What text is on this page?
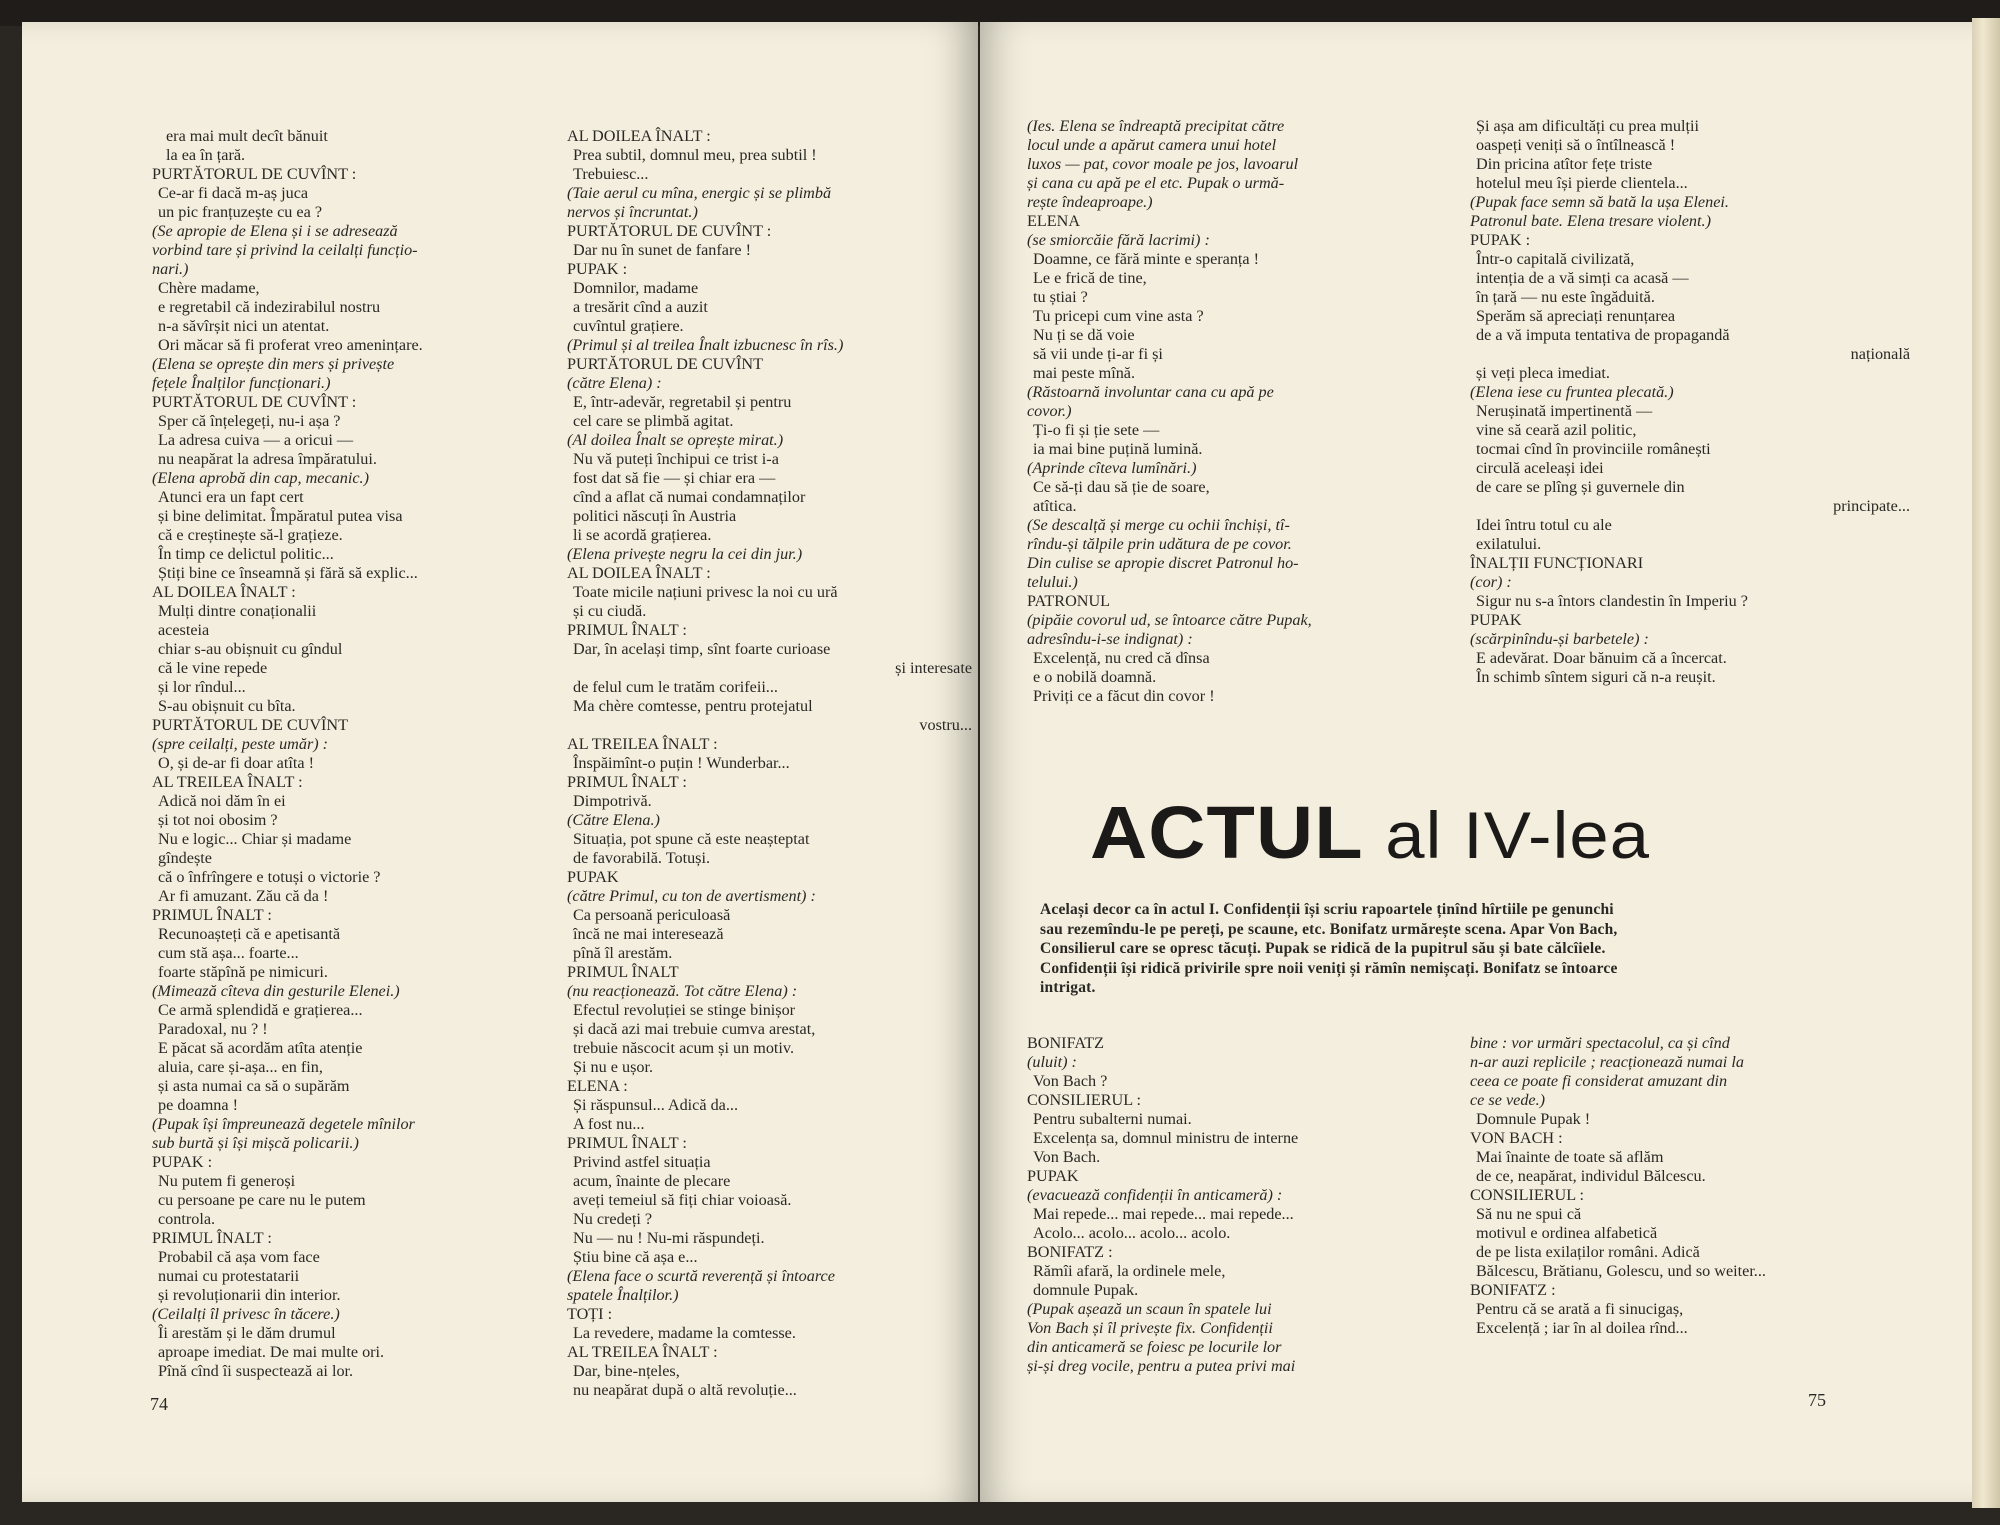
era mai mult decît bănuit
la ea în țară.
PURTĂTORUL DE CUVÎNT :
Ce-ar fi dacă m-aș juca
un pic franțuzește cu ea ?
(Se apropie de Elena și i se adresează
vorbind tare și privind la ceilalți funcțio-
nari.)
Chère madame,
e regretabil că indezirabilul nostru
n-a săvîrșit nici un atentat.
Ori măcar să fi proferat vreo amenințare.
(Elena se oprește din mers și privește
fețele Înalților funcționari.)
PURTĂTORUL DE CUVÎNT :
Sper că înțelegeți, nu-i așa ?
La adresa cuiva — a oricui —
nu neapărat la adresa împăratului.
(Elena aprobă din cap, mecanic.)
Atunci era un fapt cert
și bine delimitat. Împăratul putea visa
că e creștinește să-l grațieze.
În timp ce delictul politic...
Știți bine ce înseamnă și fără să explic...
AL DOILEA ÎNALT :
Mulți dintre conaționalii
acesteia
chiar s-au obișnuit cu gîndul
că le vine repede
și lor rîndul...
S-au obișnuit cu bîta.
PURTĂTORUL DE CUVÎNT
(spre ceilalți, peste umăr) :
O, și de-ar fi doar atîta !
AL TREILEA ÎNALT :
Adică noi dăm în ei
și tot noi obosim ?
Nu e logic... Chiar și madame
gîndește
că o înfrîngere e totuși o victorie ?
Ar fi amuzant. Zău că da !
PRIMUL ÎNALT :
Recunoașteți că e apetisantă
cum stă așa... foarte...
foarte stăpînă pe nimicuri.
(Mimează cîteva din gesturile Elenei.)
Ce armă splendidă e grațierea...
Paradoxal, nu ? !
E păcat să acordăm atîta atenție
aluia, care și-așa... en fin,
și asta numai ca să o supărăm
pe doamna !
(Pupak își împreunează degetele mînilor
sub burtă și își mișcă policarii.)
PUPAK :
Nu putem fi generoși
cu persoane pe care nu le putem
controla.
PRIMUL ÎNALT :
Probabil că așa vom face
numai cu protestatarii
și revoluționarii din interior.
(Ceilalți îl privesc în tăcere.)
Îi arestăm și le dăm drumul
aproape imediat. De mai multe ori.
Pînă cînd îi suspectează ai lor.
AL DOILEA ÎNALT :
Prea subtil, domnul meu, prea subtil !
Trebuiesc...
(Taie aerul cu mîna, energic și se plimbă
nervos și încruntat.)
PURTĂTORUL DE CUVÎNT :
Dar nu în sunet de fanfare !
PUPAK :
Domnilor, madame
a tresărit cînd a auzit
cuvîntul grațiere.
(Primul și al treilea Înalt izbucnesc în rîs.)
PURTĂTORUL DE CUVÎNT
(către Elena) :
E, într-adevăr, regretabil și pentru
cel care se plimbă agitat.
(Al doilea Înalt se oprește mirat.)
Nu vă puteți închipui ce trist i-a
fost dat să fie — și chiar era —
cînd a aflat că numai condamnaților
politici născuți în Austria
li se acordă grațierea.
(Elena privește negru la cei din jur.)
AL DOILEA ÎNALT :
Toate micile națiuni privesc la noi cu ură
și cu ciudă.
PRIMUL ÎNALT :
Dar, în același timp, sînt foarte curioase
și interesate
de felul cum le tratăm corifeii...
Ma chère comtesse, pentru protejatul
vostru...
AL TREILEA ÎNALT :
Înspăimînt-o puțin ! Wunderbar...
PRIMUL ÎNALT :
Dimpotrivă.
(Către Elena.)
Situația, pot spune că este neașteptat
de favorabilă. Totuși.
PUPAK
(către Primul, cu ton de avertisment) :
Ca persoană periculoasă
încă ne mai interesează
pînă îl arestăm.
PRIMUL ÎNALT
(nu reacționează. Tot către Elena) :
Efectul revoluției se stinge binișor
și dacă azi mai trebuie cumva arestat,
trebuie născocit acum și un motiv.
Și nu e ușor.
ELENA :
Și răspunsul... Adică da...
A fost nu...
PRIMUL ÎNALT :
Privind astfel situația
acum, înainte de plecare
aveți temeiul să fiți chiar voioasă.
Nu credeți ?
Nu — nu ! Nu-mi răspundeți.
Știu bine că așa e...
(Elena face o scurtă reverență și întoarce
spatele Înalților.)
TOȚI :
La revedere, madame la comtesse.
AL TREILEA ÎNALT :
Dar, bine-nțeles,
nu neapărat după o altă revoluție...
74
(Ies. Elena se îndreaptă precipitat către
locul unde a apărut camera unui hotel
luxos — pat, covor moale pe jos, lavoarul
și cana cu apă pe el etc. Pupak o urmă-
rește îndeaproape.)
ELENA
(se smiorcăie fără lacrimi) :
Doamne, ce fără minte e speranța !
Le e frică de tine,
tu știai ?
Tu pricepi cum vine asta ?
Nu ți se dă voie
să vii unde ți-ar fi și
mai peste mînă.
(Răstoarnă involuntar cana cu apă pe
covor.)
Ți-o fi și ție sete —
ia mai bine puțină lumină.
(Aprinde cîteva lumînări.)
Ce să-ți dau să ție de soare,
atîtica.
(Se descalță și merge cu ochii închiși, tî-
rîndu-și tălpile prin udătura de pe covor.
Din culise se apropie discret Patronul ho-
telului.)
PATRONUL
(pipăie covorul ud, se întoarce către Pupak,
adresîndu-i-se indignat) :
Excelență, nu cred că dînsa
e o nobilă doamnă.
Priviți ce a făcut din covor !
Și așa am dificultăți cu prea mulții
oaspeți veniți să o întîlnească !
Din pricina atîtor fețe triste
hotelul meu își pierde clientela...
(Pupak face semn să bată la ușa Elenei.
Patronul bate. Elena tresare violent.)
PUPAK :
Într-o capitală civilizată,
intenția de a vă simți ca acasă —
în țară — nu este îngăduită.
Sperăm să apreciați renunțarea
de a vă imputa tentativa de propagandă
națională
și veți pleca imediat.
(Elena iese cu fruntea plecată.)
Nerușinată impertinentă —
vine să ceară azil politic,
tocmai cînd în provinciile românești
circulă aceleași idei
de care se plîng și guvernele din
principate...
Idei întru totul cu ale
exilatului.
ÎNALȚII FUNCȚIONARI
(cor) :
Sigur nu s-a întors clandestin în Imperiu ?
PUPAK
(scărpinîndu-și barbetele) :
E adevărat. Doar bănuim că a încercat.
În schimb sîntem siguri că n-a reușit.
ACTUL al IV-lea
Același decor ca în actul I. Confidenții își scriu rapoartele ținînd hîrtiile pe genunchi
sau rezemîndu-le pe pereți, pe scaune, etc. Bonifatz urmărește scena. Apar Von Bach,
Consilierul care se opresc tăcuți. Pupak se ridică de la pupitrul său și bate călcîiele.
Confidenții își ridică privirile spre noii veniți și rămîn nemișcați. Bonifatz se întoarce
intrigat.
BONIFATZ
(uluit) :
Von Bach ?
CONSILIERUL :
Pentru subalterni numai.
Excelența sa, domnul ministru de interne
Von Bach.
PUPAK
(evacuează confidenții în anticameră) :
Mai repede... mai repede... mai repede...
Acolo... acolo... acolo... acolo.
BONIFATZ :
Rămîi afară, la ordinele mele,
domnule Pupak.
(Pupak așează un scaun în spatele lui
Von Bach și îl privește fix. Confidenții
din anticameră se foiesc pe locurile lor
și-și dreg vocile, pentru a putea privi mai
bine : vor urmări spectacolul, ca și cînd
n-ar auzi replicile ; reacționează numai la
ceea ce poate fi considerat amuzant din
ce se vede.)
Domnule Pupak !
VON BACH :
Mai înainte de toate să aflăm
de ce, neapărat, individul Bălcescu.
CONSILIERUL :
Să nu ne spui că
motivul e ordinea alfabetică
de pe lista exilaților români. Adică
Bălcescu, Brătianu, Golescu, und so weiter...
BONIFATZ :
Pentru că se arată a fi sinucigaș,
Excelență ; iar în al doilea rînd...
75
